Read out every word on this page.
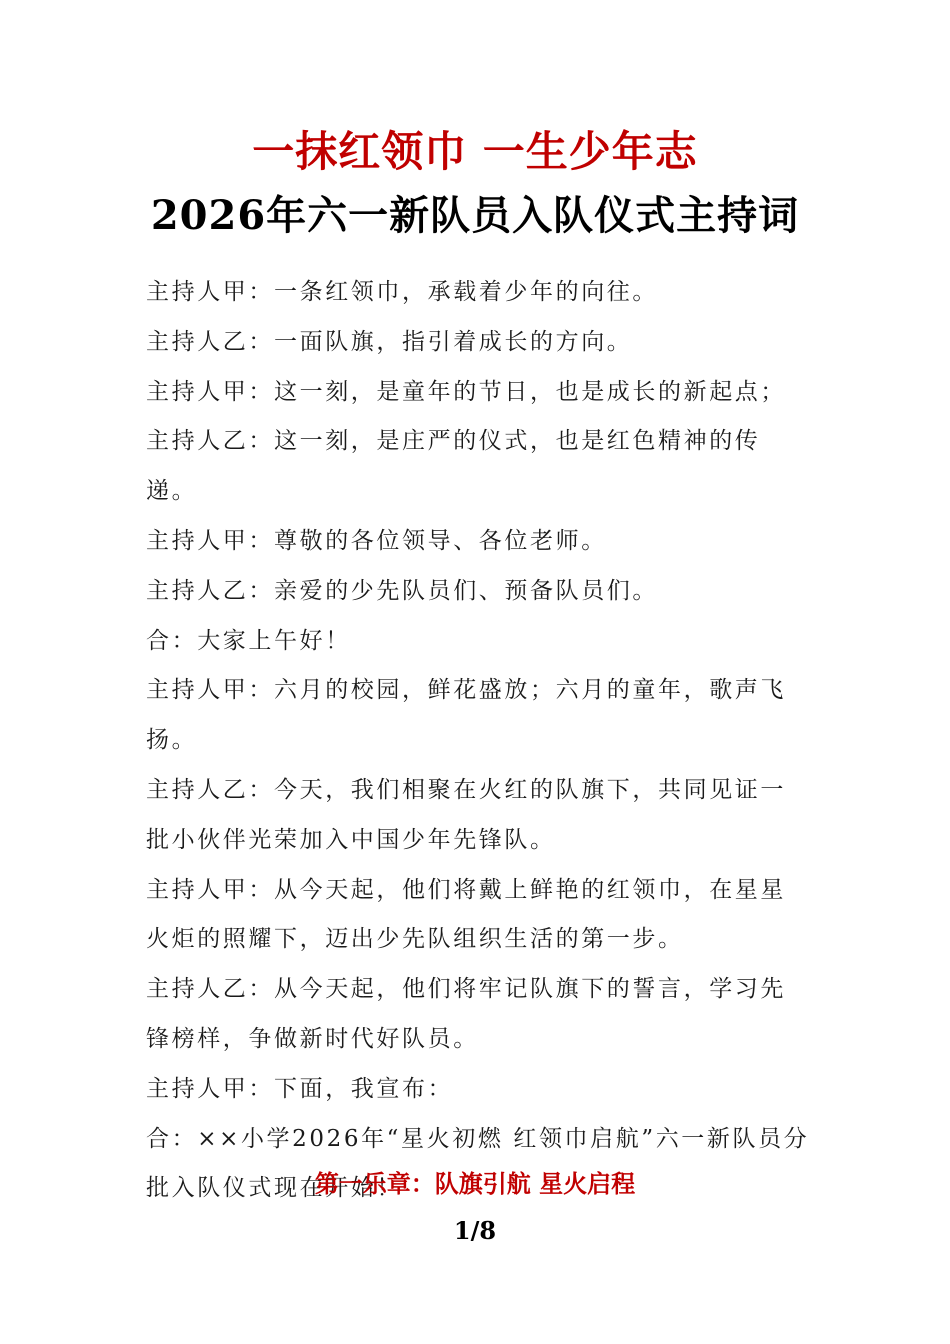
一抹红领巾 一生少年志
2026年六一新队员入队仪式主持词

主持人甲：一条红领巾，承载着少年的向往。

主持人乙：一面队旗，指引着成长的方向。

主持人甲：这一刻，是童年的节日，也是成长的新起点；

主持人乙：这一刻，是庄严的仪式，也是红色精神的传递。

主持人甲：尊敬的各位领导、各位老师。

主持人乙：亲爱的少先队员们、预备队员们。

合：大家上午好！

主持人甲：六月的校园，鲜花盛放；六月的童年，歌声飞扬。

主持人乙：今天，我们相聚在火红的队旗下，共同见证一批小伙伴光荣加入中国少年先锋队。

主持人甲：从今天起，他们将戴上鲜艳的红领巾，在星星火炬的照耀下，迈出少先队组织生活的第一步。

主持人乙：从今天起，他们将牢记队旗下的誓言，学习先锋榜样，争做新时代好队员。

主持人甲：下面，我宣布：

合：××小学2026年“星火初燃 红领巾启航”六一新队员分批入队仪式现在开始！

第一乐章：队旗引航 星火启程
1/8
